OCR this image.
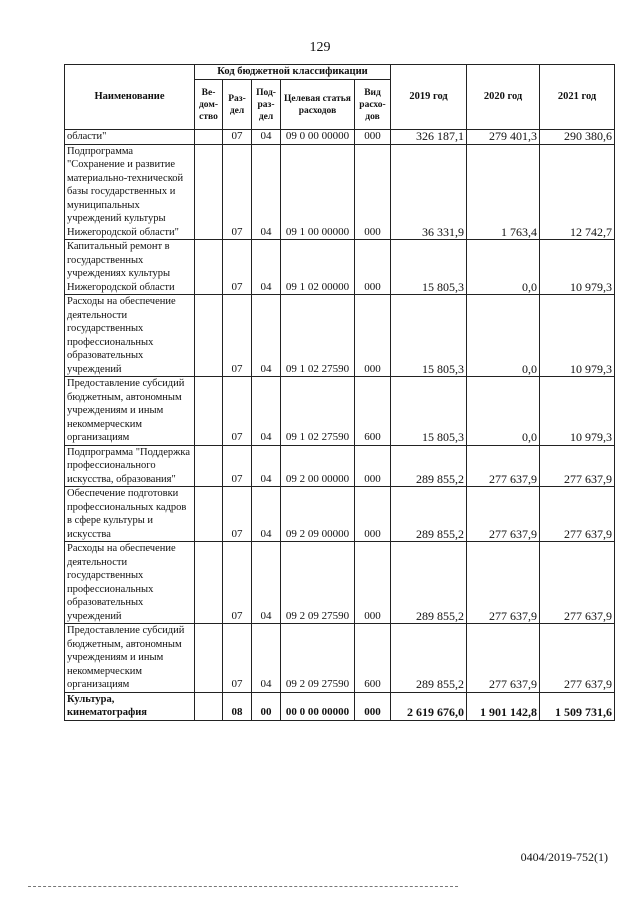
129
Наименование	Код бюджетной классификации					2019 год	2020 год	2021 год
	Ве-дом-ство	Раз-дел	Под-раз-дел	Целевая статья расходов	Вид расхо-дов			
области"		07	04	09 0 00 00000	000	326 187,1	279 401,3	290 380,6
Подпрограмма "Сохранение и развитие материально-технической базы государственных и муниципальных учреждений культуры Нижегородской области"		07	04	09 1 00 00000	000	36 331,9	1 763,4	12 742,7
Капитальный ремонт в государственных учреждениях культуры Нижегородской области		07	04	09 1 02 00000	000	15 805,3	0,0	10 979,3
Расходы на обеспечение деятельности государственных профессиональных образовательных учреждений		07	04	09 1 02 27590	000	15 805,3	0,0	10 979,3
Предоставление субсидий бюджетным, автономным учреждениям и иным некоммерческим организациям		07	04	09 1 02 27590	600	15 805,3	0,0	10 979,3
Подпрограмма "Поддержка профессионального искусства, образования"		07	04	09 2 00 00000	000	289 855,2	277 637,9	277 637,9
Обеспечение подготовки профессиональных кадров в сфере культуры и искусства		07	04	09 2 09 00000	000	289 855,2	277 637,9	277 637,9
Расходы на обеспечение деятельности государственных профессиональных образовательных учреждений		07	04	09 2 09 27590	000	289 855,2	277 637,9	277 637,9
Предоставление субсидий бюджетным, автономным учреждениям и иным некоммерческим организациям		07	04	09 2 09 27590	600	289 855,2	277 637,9	277 637,9
Культура, кинематография		08	00	00 0 00 00000	000	2 619 676,0	1 901 142,8	1 509 731,6
0404/2019-752(1)
